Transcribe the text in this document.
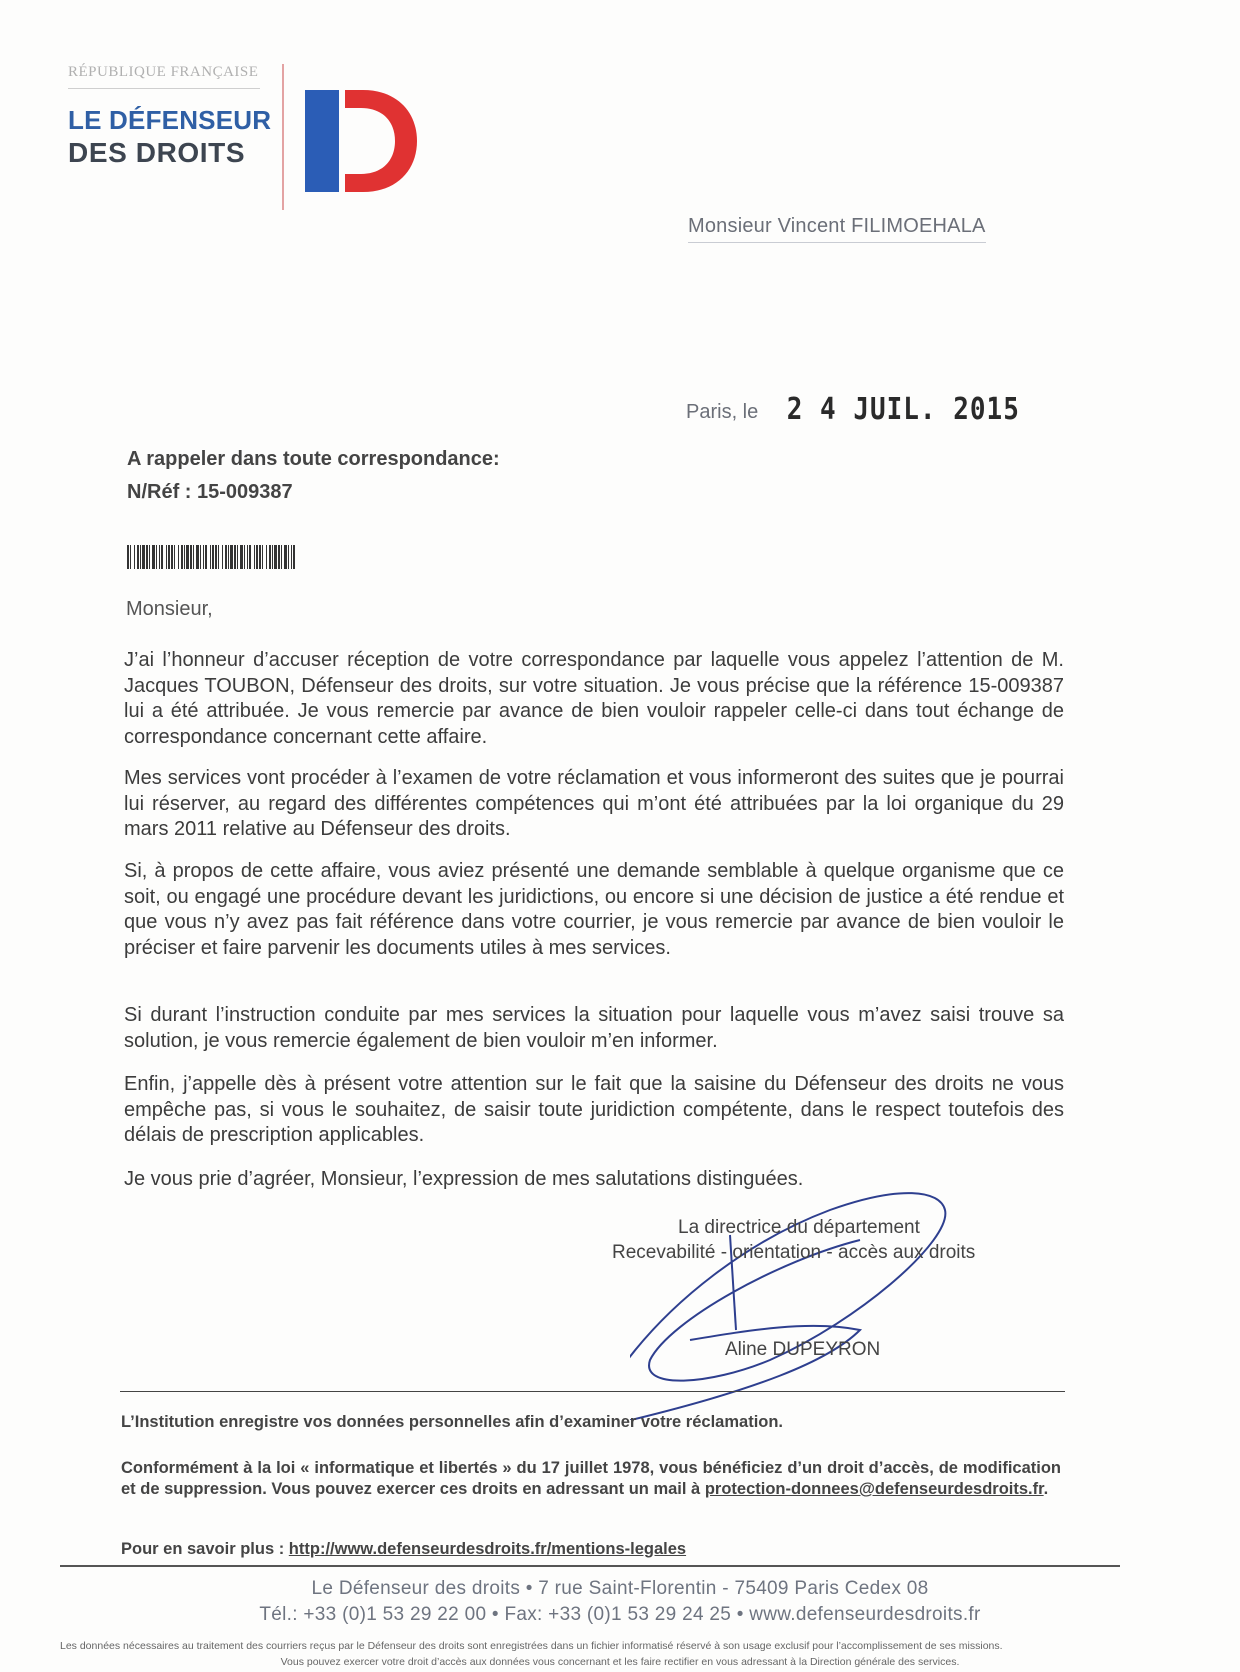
RÉPUBLIQUE FRANÇAISE
LE DÉFENSEUR
DES DROITS
Monsieur Vincent FILIMOEHALA
Paris, le 2 4 JUIL. 2015
A rappeler dans toute correspondance:
N/Réf : 15-009387
Monsieur,
J’ai l’honneur d’accuser réception de votre correspondance par laquelle vous appelez l’attention de M. Jacques TOUBON, Défenseur des droits, sur votre situation. Je vous précise que la référence 15-009387 lui a été attribuée. Je vous remercie par avance de bien vouloir rappeler celle-ci dans tout échange de correspondance concernant cette affaire.
Mes services vont procéder à l’examen de votre réclamation et vous informeront des suites que je pourrai lui réserver, au regard des différentes compétences qui m’ont été attribuées par la loi organique du 29 mars 2011 relative au Défenseur des droits.
Si, à propos de cette affaire, vous aviez présenté une demande semblable à quelque organisme que ce soit, ou engagé une procédure devant les juridictions, ou encore si une décision de justice a été rendue et que vous n’y avez pas fait référence dans votre courrier, je vous remercie par avance de bien vouloir le préciser et faire parvenir les documents utiles à mes services.
Si durant l’instruction conduite par mes services la situation pour laquelle vous m’avez saisi trouve sa solution, je vous remercie également de bien vouloir m’en informer.
Enfin, j’appelle dès à présent votre attention sur le fait que la saisine du Défenseur des droits ne vous empêche pas, si vous le souhaitez, de saisir toute juridiction compétente, dans le respect toutefois des délais de prescription applicables.
Je vous prie d’agréer, Monsieur, l’expression de mes salutations distinguées.
La directrice du département
Recevabilité - orientation - accès aux droits
Aline DUPEYRON
L’Institution enregistre vos données personnelles afin d’examiner votre réclamation.
Conformément à la loi « informatique et libertés » du 17 juillet 1978, vous bénéficiez d’un droit d’accès, de modification et de suppression. Vous pouvez exercer ces droits en adressant un mail à protection-donnees@defenseurdesdroits.fr.
Pour en savoir plus : http://www.defenseurdesdroits.fr/mentions-legales
Le Défenseur des droits • 7 rue Saint-Florentin - 75409 Paris Cedex 08
Tél.: +33 (0)1 53 29 22 00 • Fax: +33 (0)1 53 29 24 25 • www.defenseurdesdroits.fr
Les données nécessaires au traitement des courriers reçus par le Défenseur des droits sont enregistrées dans un fichier informatisé réservé à son usage exclusif pour l’accomplissement de ses missions.
Vous pouvez exercer votre droit d’accès aux données vous concernant et les faire rectifier en vous adressant à la Direction générale des services.
